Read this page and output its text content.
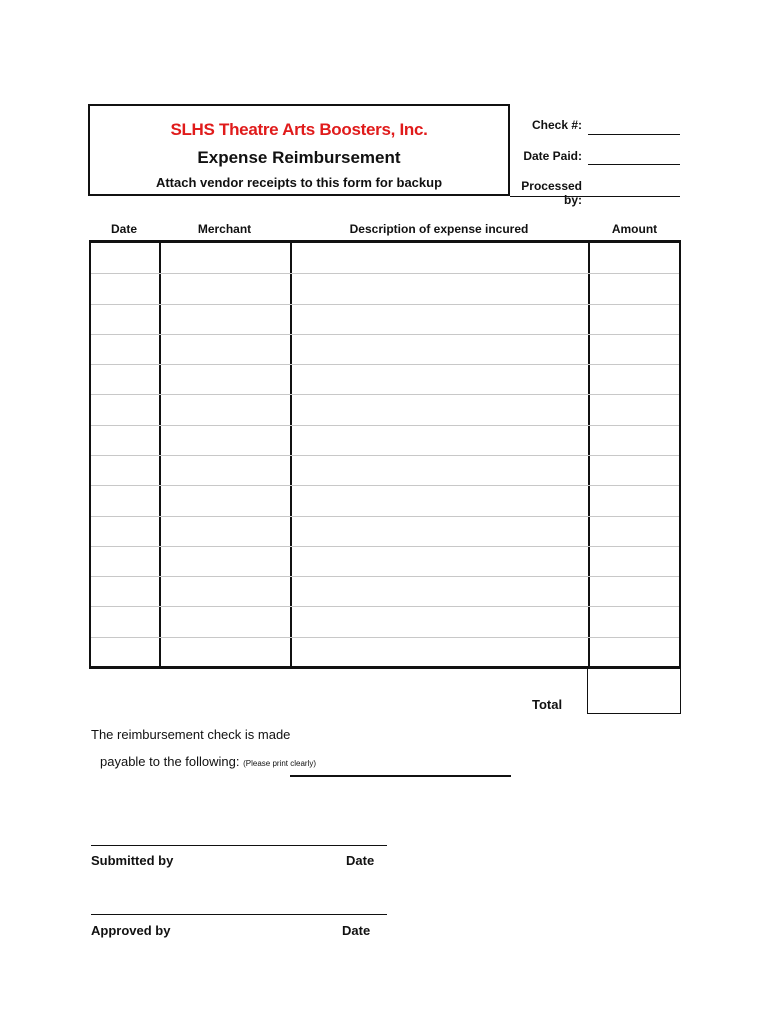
SLHS Theatre Arts Boosters, Inc.
Expense Reimbursement
Attach vendor receipts to this form for backup
Check #:
Date Paid:
Processed by:
Date	Merchant	Description of expense incured	Amount
Total
The reimbursement check is made
payable to the following: (Please print clearly)
Submitted by	Date
Approved by	Date
